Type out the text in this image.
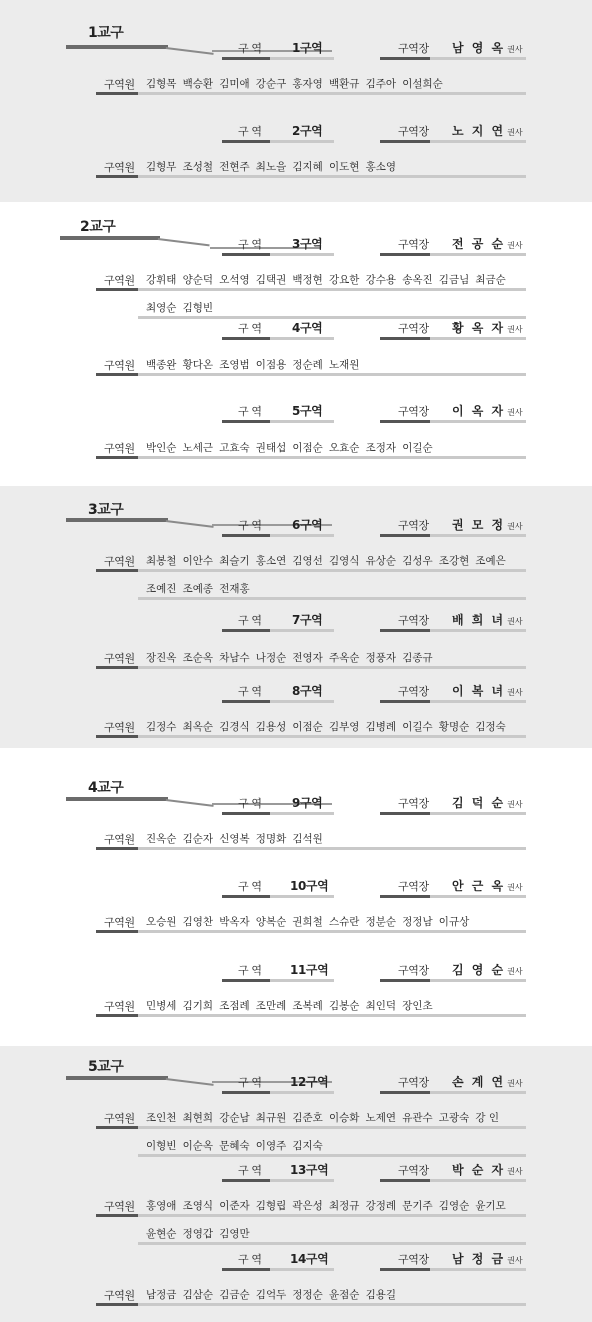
1교구
구 역	1구역	구역장 남 영 옥 권사
구역원 김형목 백승환 김미애 강순구 홍자영 백환규 김주아 이설희순
구 역	2구역	구역장 노 지 연 권사
구역원 김형무 조성철 전현주 최노을 김지혜 이도현 홍소영
2교구
구 역	3구역	구역장 전 공 순 권사
구역원 강휘태 양순덕 오석영 김택권 백정현 강요한 강수용 송옥진 김금님 최금순
최영순 김형빈
구 역	4구역	구역장 황 옥 자 권사
구역원 백종완 황다온 조영범 이점용 정순례 노재원
구 역	5구역	구역장 이 옥 자 권사
구역원 박인순 노세근 고효숙 권태섭 이점순 오효순 조정자 이길순
3교구
구 역	6구역	구역장 권 모 정 권사
구역원 최봉철 이안수 최슬기 홍소연 김영선 김영식 유상순 김성우 조강현 조예은
조예진 조예종 전재홍
구 역	7구역	구역장 배 희 녀 권사
구역원 장진옥 조순옥 차남수 나정순 전영자 주옥순 정풍자 김종규
구 역	8구역	구역장 이 복 녀 권사
구역원 김정수 최옥순 김경식 김용성 이점순 김부영 김병례 이길수 황명순 김정숙
4교구
구 역	9구역	구역장 김 덕 순 권사
구역원 진옥순 김순자 신영복 정명화 김석원
구 역 10구역	구역장 안 근 옥 권사
구역원 오승원 김영찬 박옥자 양복순 권희철 스슈란 정분순 정정남 이규상
구 역 11구역	구역장 김 영 순 권사
구역원 민병세 김기희 조점례 조만례 조복례 김봉순 최인덕 장인초
5교구
구 역 12구역	구역장 손 계 연 권사
구역원 조인천 최현희 강순남 최규원 김준호 이승화 노제연 유관수 고광숙 강 인
이형빈 이순옥 문혜숙 이영주 김지숙
구 역 13구역	구역장 박 순 자 권사
구역원 홍영애 조영식 이준자 김형립 곽은성 최정규 강정례 문기주 김영순 윤기모
윤현순 정영갑 김영만
구 역 14구역	구역장 남 정 금 권사
구역원 남정금 김삼순 김금순 김억두 정정순 윤점순 김용길
